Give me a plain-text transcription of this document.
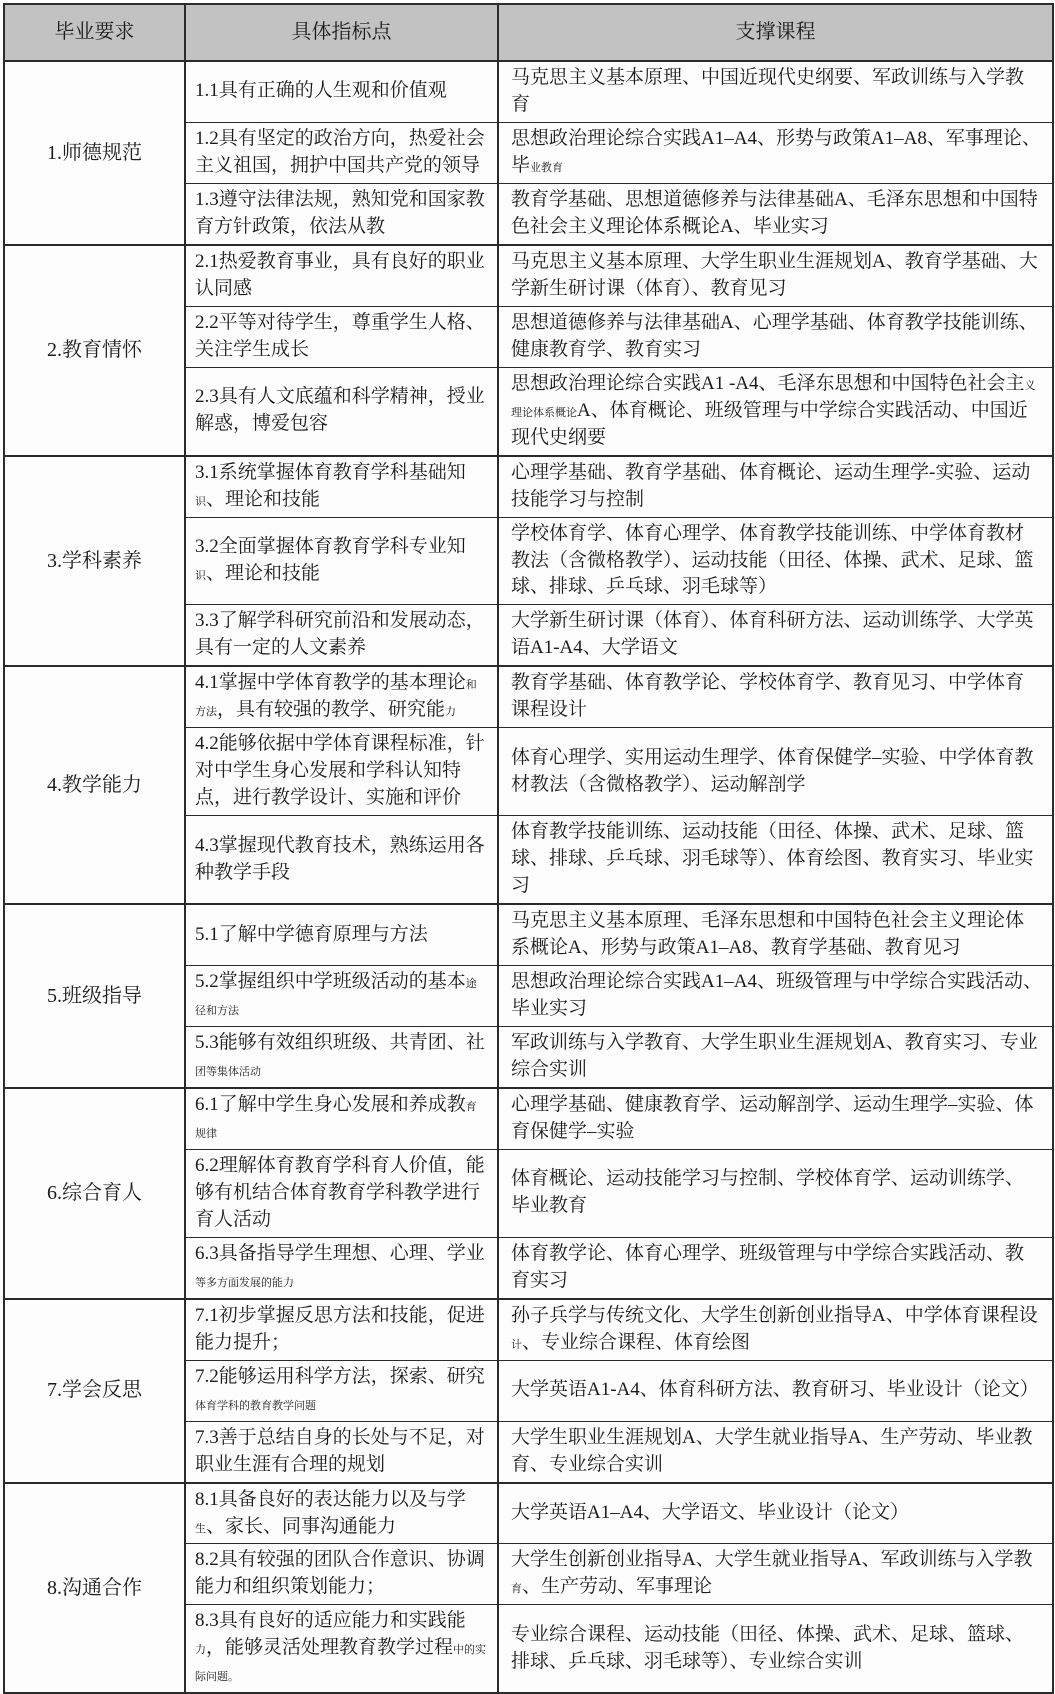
毕业要求	具体指标点	支撑课程
1.师德规范	1.1具有正确的人生观和价值观	马克思主义基本原理、中国近现代史纲要、军政训练与入学教育
	1.2具有坚定的政治方向，热爱社会主义祖国，拥护中国共产党的领导	思想政治理论综合实践A1–A4、形势与政策A1–A8、军事理论、毕业教育
	1.3遵守法律法规，熟知党和国家教育方针政策，依法从教	教育学基础、思想道德修养与法律基础A、毛泽东思想和中国特色社会主义理论体系概论A、毕业实习
2.教育情怀	2.1热爱教育事业，具有良好的职业认同感	马克思主义基本原理、大学生职业生涯规划A、教育学基础、大学新生研讨课（体育）、教育见习
	2.2平等对待学生，尊重学生人格、关注学生成长	思想道德修养与法律基础A、心理学基础、体育教学技能训练、健康教育学、教育实习
	2.3具有人文底蕴和科学精神，授业解惑，博爱包容	思想政治理论综合实践A1 -A4、毛泽东思想和中国特色社会主义理论体系概论A、体育概论、班级管理与中学综合实践活动、中国近现代史纲要
3.学科素养	3.1系统掌握体育教育学科基础知识、理论和技能	心理学基础、教育学基础、体育概论、运动生理学-实验、运动技能学习与控制
	3.2全面掌握体育教育学科专业知识、理论和技能	学校体育学、体育心理学、体育教学技能训练、中学体育教材教法（含微格教学）、运动技能（田径、体操、武术、足球、篮球、排球、乒乓球、羽毛球等）
	3.3了解学科研究前沿和发展动态，具有一定的人文素养	大学新生研讨课（体育）、体育科研方法、运动训练学、大学英语A1-A4、大学语文
4.教学能力	4.1掌握中学体育教学的基本理论和方法，具有较强的教学、研究能力	教育学基础、体育教学论、学校体育学、教育见习、中学体育课程设计
	4.2能够依据中学体育课程标准，针对中学生身心发展和学科认知特点，进行教学设计、实施和评价	体育心理学、实用运动生理学、体育保健学–实验、中学体育教材教法（含微格教学）、运动解剖学
	4.3掌握现代教育技术，熟练运用各种教学手段	体育教学技能训练、运动技能（田径、体操、武术、足球、篮球、排球、乒乓球、羽毛球等）、体育绘图、教育实习、毕业实习
5.班级指导	5.1了解中学德育原理与方法	马克思主义基本原理、毛泽东思想和中国特色社会主义理论体系概论A、形势与政策A1–A8、教育学基础、教育见习
	5.2掌握组织中学班级活动的基本途径和方法	思想政治理论综合实践A1–A4、班级管理与中学综合实践活动、毕业实习
	5.3能够有效组织班级、共青团、社团等集体活动	军政训练与入学教育、大学生职业生涯规划A、教育实习、专业综合实训
6.综合育人	6.1了解中学生身心发展和养成教育规律	心理学基础、健康教育学、运动解剖学、运动生理学–实验、体育保健学–实验
	6.2理解体育教育学科育人价值，能够有机结合体育教育学科教学进行育人活动	体育概论、运动技能学习与控制、学校体育学、运动训练学、毕业教育
	6.3具备指导学生理想、心理、学业等多方面发展的能力	体育教学论、体育心理学、班级管理与中学综合实践活动、教育实习
7.学会反思	7.1初步掌握反思方法和技能，促进能力提升；	孙子兵学与传统文化、大学生创新创业指导A、中学体育课程设计、专业综合课程、体育绘图
	7.2能够运用科学方法，探索、研究体育学科的教育教学问题	大学英语A1-A4、体育科研方法、教育研习、毕业设计（论文）
	7.3善于总结自身的长处与不足，对职业生涯有合理的规划	大学生职业生涯规划A、大学生就业指导A、生产劳动、毕业教育、专业综合实训
8.沟通合作	8.1具备良好的表达能力以及与学生、家长、同事沟通能力	大学英语A1–A4、大学语文、毕业设计（论文）
	8.2具有较强的团队合作意识、协调能力和组织策划能力；	大学生创新创业指导A、大学生就业指导A、军政训练与入学教育、生产劳动、军事理论
	8.3具有良好的适应能力和实践能力，能够灵活处理教育教学过程中的实际问题。	专业综合课程、运动技能（田径、体操、武术、足球、篮球、排球、乒乓球、羽毛球等）、专业综合实训
